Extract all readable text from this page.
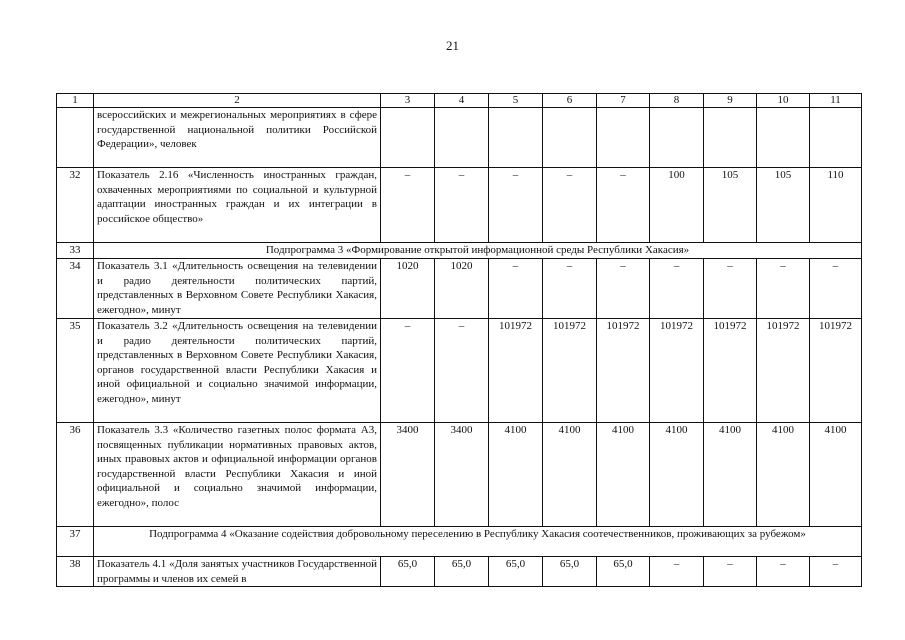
21
1	2	3	4	5	6	7	8	9	10	11
	всероссийских и межрегиональных мероприятиях в сфере государственной национальной политики Российской Федерации», человек									
32	Показатель 2.16 «Численность иностранных граждан, охваченных мероприятиями по социальной и культурной адаптации иностранных граждан и их интеграции в российское общество»	–	–	–	–	–	100	105	105	110
33	Подпрограмма 3 «Формирование открытой информационной среды Республики Хакасия»									
34	Показатель 3.1 «Длительность освещения на телевидении и радио деятельности политических партий, представленных в Верховном Совете Республики Хакасия, ежегодно», минут	1020	1020	–	–	–	–	–	–	–
35	Показатель 3.2 «Длительность освещения на телевидении и радио деятельности политических партий, представленных в Верховном Совете Республики Хакасия, органов государственной власти Республики Хакасия и иной официальной и социально значимой информации, ежегодно», минут	–	–	101972	101972	101972	101972	101972	101972	101972
36	Показатель 3.3 «Количество газетных полос формата А3, посвященных публикации нормативных правовых актов, иных правовых актов и официальной информации органов государственной власти Республики Хакасия и иной официальной и социально значимой информации, ежегодно», полос	3400	3400	4100	4100	4100	4100	4100	4100	4100
37	Подпрограмма 4 «Оказание содействия добровольному переселению в Республику Хакасия соотечественников, проживающих за рубежом»									
38	Показатель 4.1 «Доля занятых участников Государственной программы и членов их семей в	65,0	65,0	65,0	65,0	65,0	–	–	–	–
